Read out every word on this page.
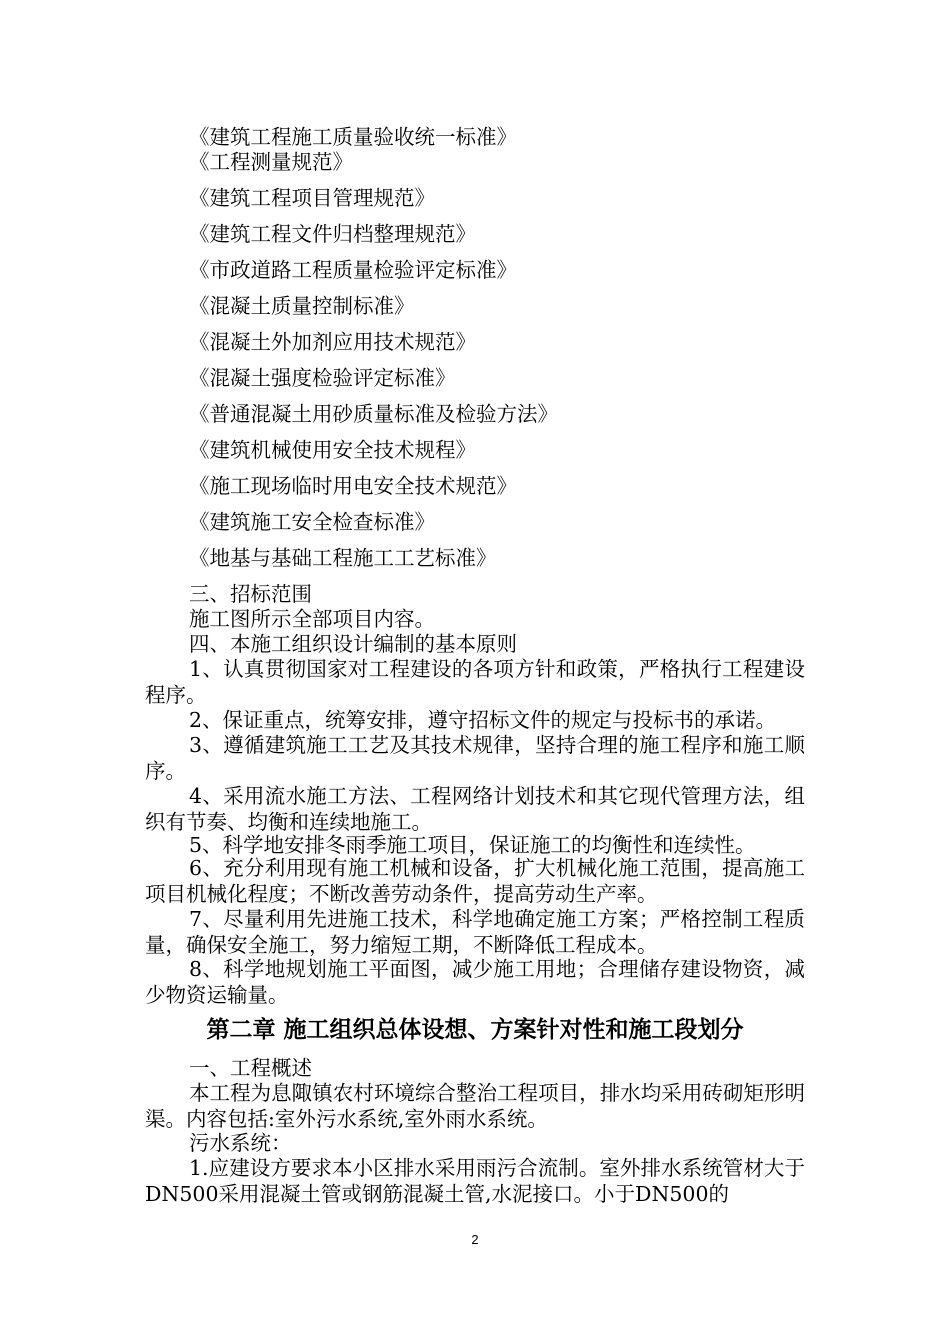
《建筑工程施工质量验收统一标准》
《工程测量规范》
《建筑工程项目管理规范》
《建筑工程文件归档整理规范》
《市政道路工程质量检验评定标准》
《混凝土质量控制标准》
《混凝土外加剂应用技术规范》
《混凝土强度检验评定标准》
《普通混凝土用砂质量标准及检验方法》
《建筑机械使用安全技术规程》
《施工现场临时用电安全技术规范》
《建筑施工安全检查标准》
《地基与基础工程施工工艺标准》
三、招标范围
施工图所示全部项目内容。
四、本施工组织设计编制的基本原则
1、认真贯彻国家对工程建设的各项方针和政策，严格执行工程建设程序。
2、保证重点，统筹安排，遵守招标文件的规定与投标书的承诺。
3、遵循建筑施工工艺及其技术规律，坚持合理的施工程序和施工顺序。
4、采用流水施工方法、工程网络计划技术和其它现代管理方法，组织有节奏、均衡和连续地施工。
5、科学地安排冬雨季施工项目，保证施工的均衡性和连续性。
6、充分利用现有施工机械和设备，扩大机械化施工范围，提高施工项目机械化程度；不断改善劳动条件，提高劳动生产率。
7、尽量利用先进施工技术，科学地确定施工方案；严格控制工程质量，确保安全施工，努力缩短工期，不断降低工程成本。
8、科学地规划施工平面图，减少施工用地；合理储存建设物资，减少物资运输量。
第二章 施工组织总体设想、方案针对性和施工段划分
一、工程概述
本工程为息陬镇农村环境综合整治工程项目，排水均采用砖砌矩形明渠。内容包括:室外污水系统,室外雨水系统。
污水系统：
1.应建设方要求本小区排水采用雨污合流制。室外排水系统管材大于DN500采用混凝土管或钢筋混凝土管,水泥接口。小于DN500的
2
